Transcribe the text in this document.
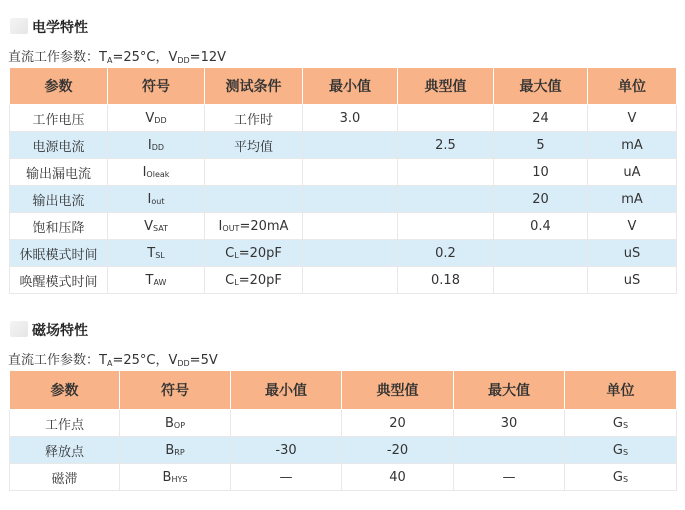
电学特性
直流工作参数：$T_A=25^\circ C$，$V_{DD}=12V$
参数	符号	测试条件	最小值	典型值	最大值	单位
工作电压	$V_{DD}$	工作时	3.0		24	V
电源电流	$I_{DD}$	平均值		2.5	5	mA
输出漏电流	$I_{Oleak}$				10	uA
输出电流	$I_{out}$				20	mA
饱和压降	$V_{SAT}$	$I_{OUT}=20mA$			0.4	V
休眠模式时间	$T_{SL}$	$C_L=20pF$		0.2		uS
唤醒模式时间	$T_{AW}$	$C_L=20pF$		0.18		uS
磁场特性
直流工作参数：$T_A=25^\circ C$，$V_{DD}=5V$
参数	符号	最小值	典型值	最大值	单位
工作点	$B_{OP}$		20	30	$G_S$
释放点	$B_{RP}$	-30	-20		$G_S$
磁滞	$B_{HYS}$	—	40	—	$G_S$
